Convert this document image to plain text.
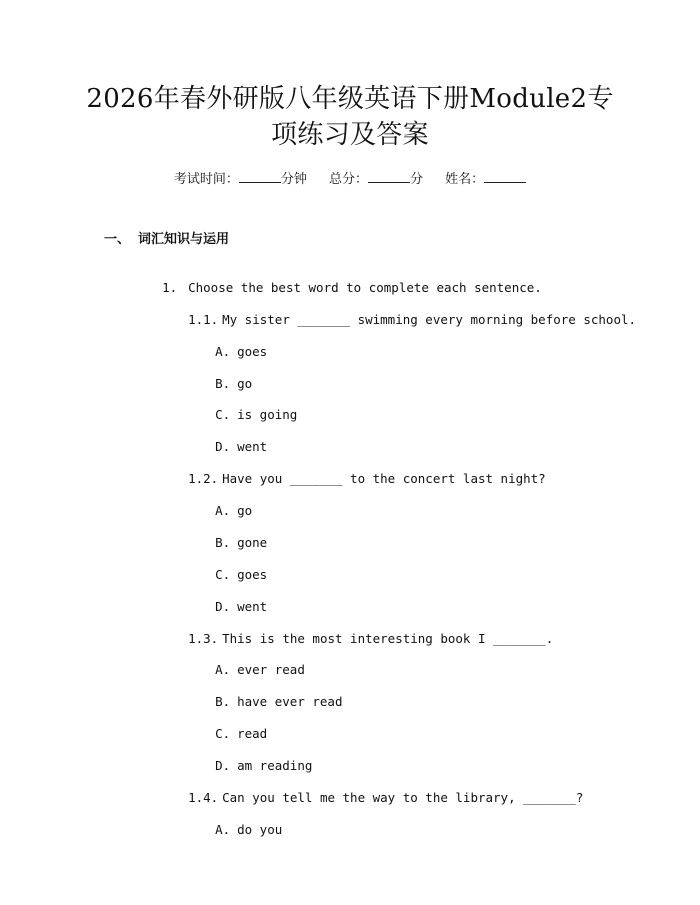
2026年春外研版八年级英语下册Module2专
项练习及答案
考试时间：	分钟 总分：	分 姓名：
一、 词汇知识与运用

1. Choose the best word to complete each sentence.

1.1. My sister _______ swimming every morning before school.

A. goes

B. go

C. is going

D. went

1.2. Have you _______ to the concert last night?

A. go

B. gone

C. goes

D. went

1.3. This is the most interesting book I _______.

A. ever read

B. have ever read

C. read

D. am reading

1.4. Can you tell me the way to the library, _______?

A. do you
